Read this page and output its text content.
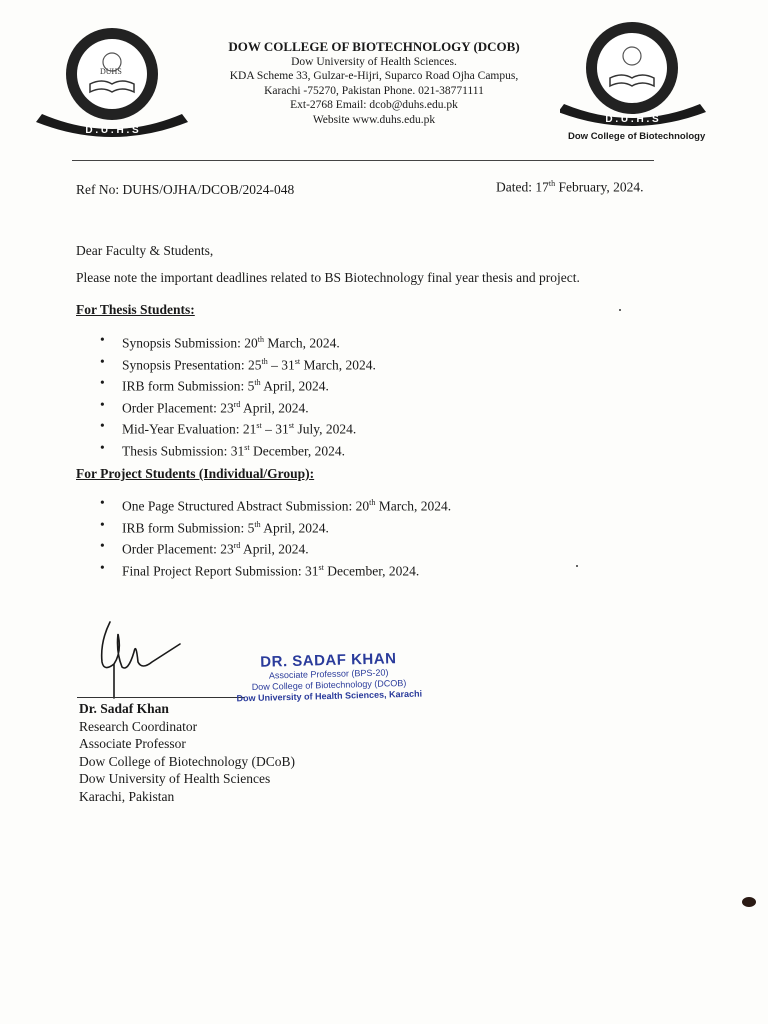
DUHS
D . U . H . S
DOW COLLEGE OF BIOTECHNOLOGY (DCOB)
Dow University of Health Sciences.
KDA Scheme 33, Gulzar-e-Hijri, Suparco Road Ojha Campus,
Karachi -75270, Pakistan Phone. 021-38771111
Ext-2768 Email: dcob@duhs.edu.pk
Website www.duhs.edu.pk	D . U . H . S
Dow College of Biotechnology
Ref No: DUHS/OJHA/DCOB/2024-048	Dated: 17th February, 2024.
Dear Faculty & Students,
Please note the important deadlines related to BS Biotechnology final year thesis and project.
For Thesis Students:
• Synopsis Submission: 20th March, 2024.
• Synopsis Presentation: 25th – 31st March, 2024.
• IRB form Submission: 5th April, 2024.
• Order Placement: 23rd April, 2024.
• Mid-Year Evaluation: 21st – 31st July, 2024.
• Thesis Submission: 31st December, 2024.
For Project Students (Individual/Group):
• One Page Structured Abstract Submission: 20th March, 2024.
• IRB form Submission: 5th April, 2024.
• Order Placement: 23rd April, 2024.
• Final Project Report Submission: 31st December, 2024.
DR. SADAF KHAN
Associate Professor (BPS-20)
Dow College of Biotechnology (DCOB)
Dow University of Health Sciences, Karachi
Dr. Sadaf Khan
Research Coordinator
Associate Professor
Dow College of Biotechnology (DCoB)
Dow University of Health Sciences
Karachi, Pakistan
